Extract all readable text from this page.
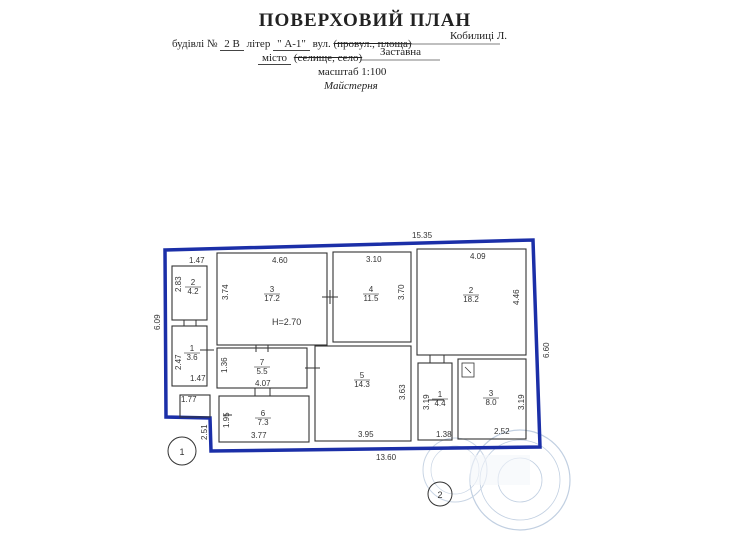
ПОВЕРХОВИЙ ПЛАН
будівлі № 2 В літер " А-1" вул. (провул., площа)
Кобилиці Л.
місто (селище, село) Заставна
масштаб 1:100
Майстерня
15.35
13.60
6.09
6.60
4.60	3.10	4.09
3.74	3.70	4.46
1.47
1.47
1.77
2.83
2.47	1.36
4.07
1.95
3.77
3.63
3.95
3.19
1.38
3.19
2.52
2.51
H=2.70
3
17.2
4
11.5
2
18.2
2
4.2
1
3.6
7
5.5
6
7.3
5
14.3
1
4.4
3
8.0
1
2
